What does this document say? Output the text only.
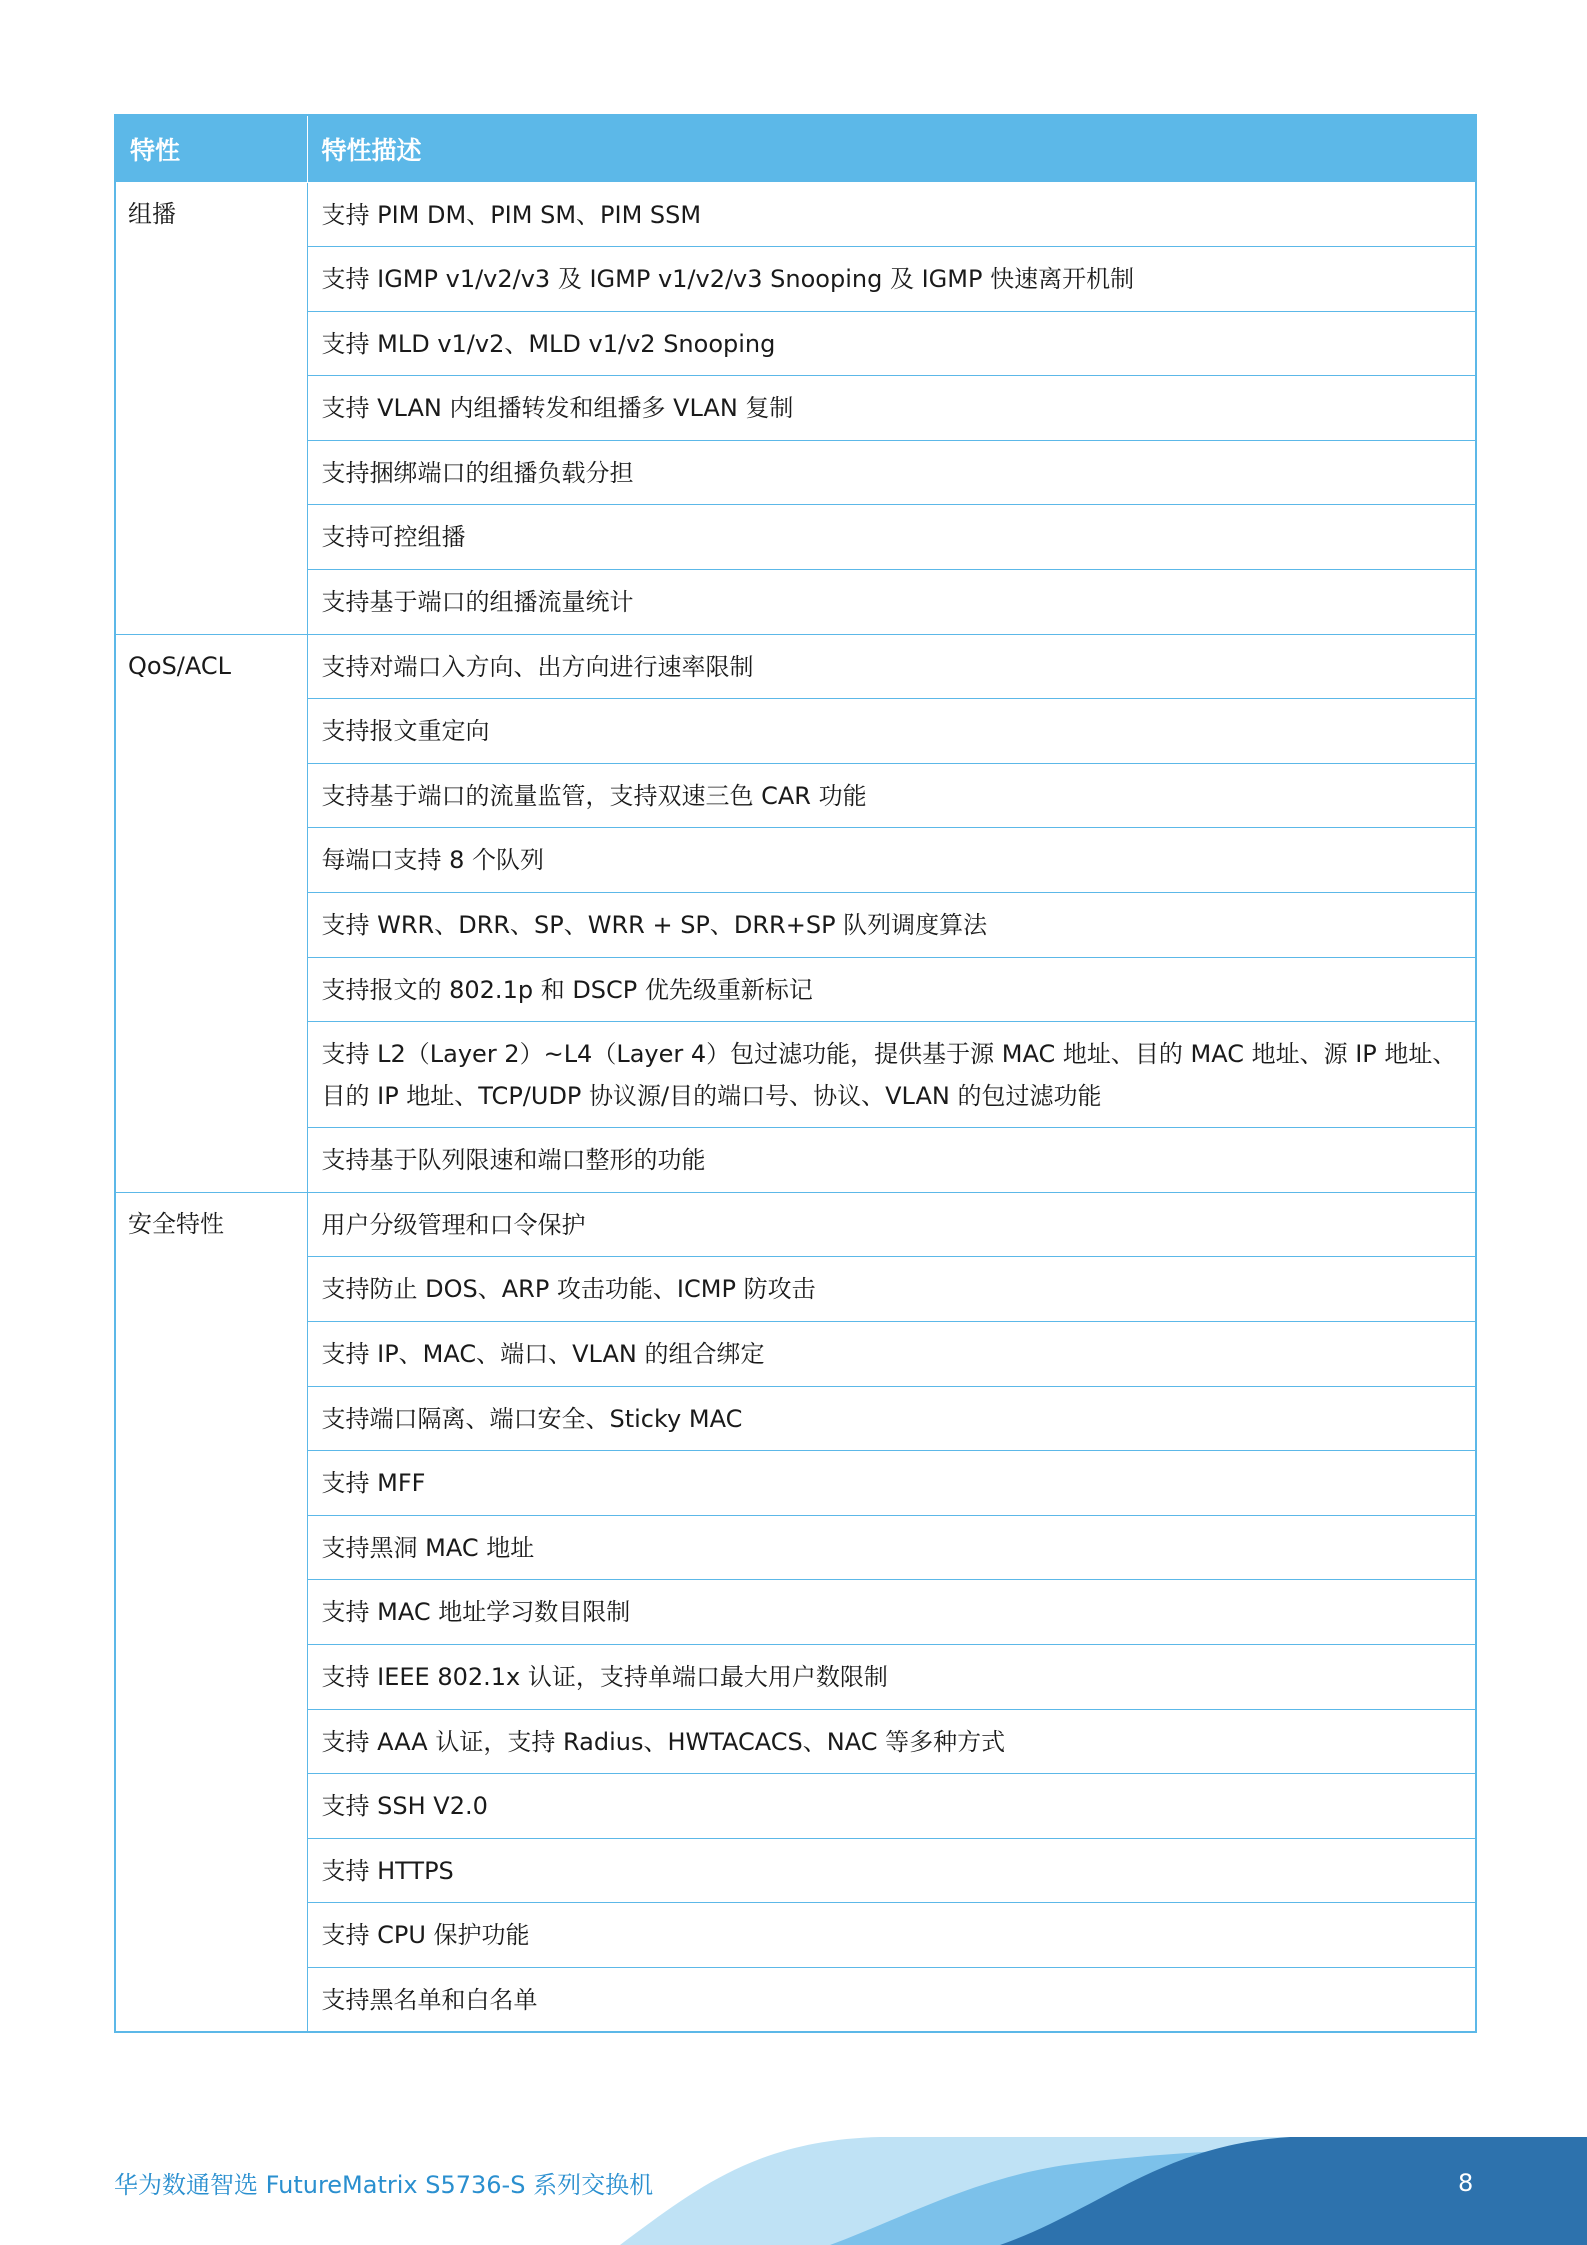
特性	特性描述
组播	支持 PIM DM、PIM SM、PIM SSM
	支持 IGMP v1/v2/v3 及 IGMP v1/v2/v3 Snooping 及 IGMP 快速离开机制
	支持 MLD v1/v2、MLD v1/v2 Snooping
	支持 VLAN 内组播转发和组播多 VLAN 复制
	支持捆绑端口的组播负载分担
	支持可控组播
	支持基于端口的组播流量统计
QoS/ACL	支持对端口入方向、出方向进行速率限制
	支持报文重定向
	支持基于端口的流量监管，支持双速三色 CAR 功能
	每端口支持 8 个队列
	支持 WRR、DRR、SP、WRR + SP、DRR+SP 队列调度算法
	支持报文的 802.1p 和 DSCP 优先级重新标记
	支持 L2（Layer 2）~L4（Layer 4）包过滤功能，提供基于源 MAC 地址、目的 MAC 地址、源 IP 地址、目的 IP 地址、TCP/UDP 协议源/目的端口号、协议、VLAN 的包过滤功能
	支持基于队列限速和端口整形的功能
安全特性	用户分级管理和口令保护
	支持防止 DOS、ARP 攻击功能、ICMP 防攻击
	支持 IP、MAC、端口、VLAN 的组合绑定
	支持端口隔离、端口安全、Sticky MAC
	支持 MFF
	支持黑洞 MAC 地址
	支持 MAC 地址学习数目限制
	支持 IEEE 802.1x 认证，支持单端口最大用户数限制
	支持 AAA 认证，支持 Radius、HWTACACS、NAC 等多种方式
	支持 SSH V2.0
	支持 HTTPS
	支持 CPU 保护功能
	支持黑名单和白名单
华为数通智选 FutureMatrix S5736-S 系列交换机	8
